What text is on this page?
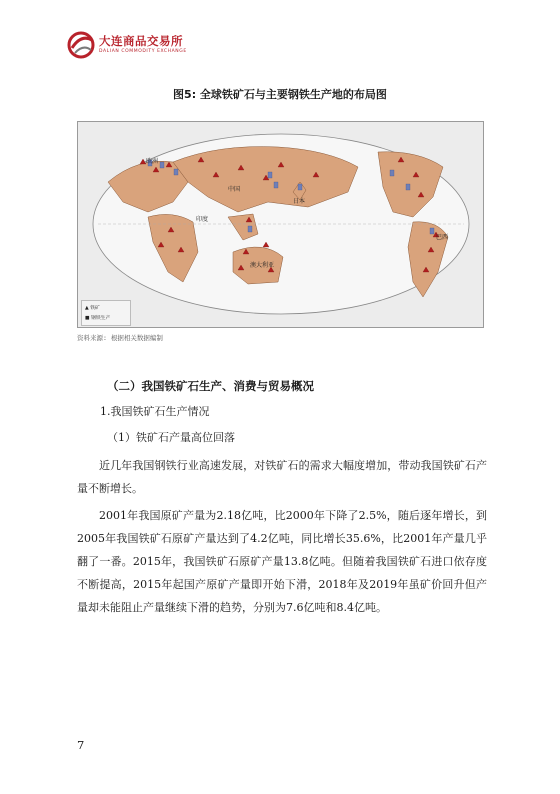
大连商品交易所
DALIAN COMMODITY EXCHANGE
图5: 全球铁矿石与主要钢铁生产地的布局图
欧洲
中国
日本
印度
澳大利亚
巴西
▲ 铁矿
■ 钢铁生产
资料来源: 根据相关数据编制
（二）我国铁矿石生产、消费与贸易概况
1.我国铁矿石生产情况
（1）铁矿石产量高位回落

近几年我国钢铁行业高速发展，对铁矿石的需求大幅度增加，带动我国铁矿石产量不断增长。

2001年我国原矿产量为2.18亿吨，比2000年下降了2.5%，随后逐年增长，到2005年我国铁矿石原矿产量达到了4.2亿吨，同比增长35.6%，比2001年产量几乎翻了一番。2015年，我国铁矿石原矿产量13.8亿吨。但随着我国铁矿石进口依存度不断提高，2015年起国产原矿产量即开始下滑，2018年及2019年虽矿价回升但产量却未能阻止产量继续下滑的趋势，分别为7.6亿吨和8.4亿吨。

7
